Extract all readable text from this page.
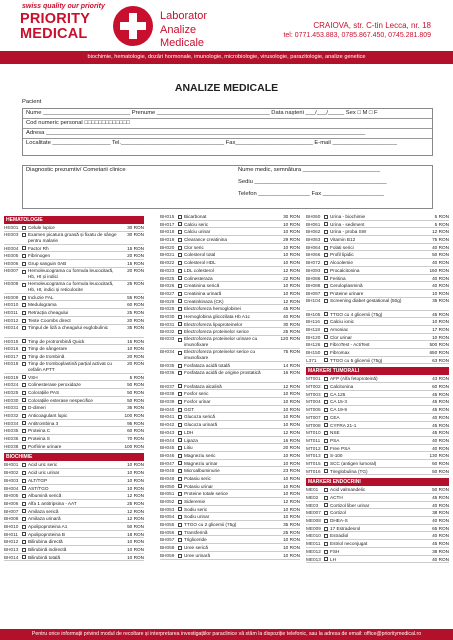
swiss quality our priority
PRIORITY
MEDICAL
Laborator
Analize
Medicale
CRAIOVA, str. C-tin Lecca, nr. 18
tel: 0771.453.883, 0785.867.450, 0745.281.809
biochimie, hematologie, dozări hormonale, imunologie, microbiologie, virusologie, parazitologie, analize genetice
ANALIZE MEDICALE
Pacient
Nume ___________________________ Prenume ___________________________________ Data nașterii ___/___/_____ Sex □ M □ F
Cod numeric personal □□□□□□□□□□□□□
Adresa ___________________________________________________________________________________________________
Localitate __________________ Tel.________________________________ Fax________________________ E-mail ____________________
Diagnostic prezumtiv/ Cometarii clinice	Nume medic, semnătura ________________________
Sediu _________________________________________
Telefon ________________ Fax ___________________
HEMATOLOGIE
HE001	Celule lupice	30 RON
HE003	Examen picatura groasă și fixatu de sânge pentru malarie
30 RON
HE004	Factor Rh	15 RON
HE005	Fibrinogen	20 RON
HE006	Grup sanguin 0AB	15 RON
HE007	Hemoleucograma cu formula leucocitară, Hb, Ht și indici
20 RON
HE008	Hemoleucograma cu formula leucocitară, Hb, Ht, indici și reticulocite
25 RON
HE009	Incluzie FAL	55 RON
HE010	Medulograma	60 RON
HE011	Retracția cheagului	25 RON
HE012	Teste Coombs direct	20 RON
HE014	Timpul de lizã a cheagului euglobulinic	35 RON
HE015	Timp de protrombină Quick	15 RON
HE016	Timp de sângerare	10 RON
HE017	Timp de trombină	20 RON
HE018	Timp de tromboplastină parțial activat cu cefalin APTT
20 RON
HE019	VSH	5 RON
HE024	Colinesterase peroxidaze	50 RON
HE025	Colorațiile PAS	50 RON
HE030	Colorațiile esterase nespecifice	50 RON
HE031	D-dimeri	36 RON
HE032	Anticoagulant lupic	100 RON
HE034	Antitrombina 3	95 RON
HE035	Proteina C	60 RON
HE036	Proteina S	70 RON
HE038	Porfirine urinare	100 RON
BIOCHIMIE
BH001	Acid uric seric	10 RON
BH002	Acid uric urinar	10 RON
BH003	ALT/TGP	10 RON
BH004	AST/TGO	10 RON
BH005	Albumină serică	12 RON
BH006	Alfa 1 antitripsina - AAT	25 RON
BH007	Amilaza serică	12 RON
BH008	Amilaza urinară	12 RON
BH010	Apolipoproteina A1	50 RON
BH011	Apolipoproteina B	18 RON
BH012	Bilirubina directă	10 RON
BH013	Bilirubină indirectă	10 RON
BH014	Bilirubină totală	10 RON
BH015	Bicarbonat	30 RON
BH017	Calciu seric	10 RON
BH018	Calciu urinar	10 RON
BH019	Clearance creatinina	29 RON
BH020	Clor seric	10 RON
BH021	Colesterol total	10 RON
BH022	Colesterol HDL	10 RON
BH023	LDL colesterol	12 RON
BH025	Colinesteraza	22 RON
BH026	Creatinina serică	10 RON
BH027	Creatinina urinară	10 RON
BH028	Creatinkinaza (CK)	12 RON
BH029	Electroforeza hemoglobinei	45 RON
BH030	Hemoglobina glicozilata Hb A1c	40 RON
BH031	Electroforeza lipoproteinelor	30 RON
BH032	Electroforeza proteinelor serice	25 RON
BH033	Electroforeza proteinelor urinare cu imunofixare
120 RON
BH034	Electroforeza proteinelor serice cu imunofixare
75 RON
BH035	Fosfataza acidă totală	14 RON
BH036	Fosfataza acidă de origine prostatică	16 RON
BH037	Fosfataza alcalină	12 RON
BH038	Fosfor seric	10 RON
BH039	Fosfor urinar	10 RON
BH040	GGT	10 RON
BH041	Glucoza serică	10 RON
BH042	Glucoza urinară	10 RON
BH043	LDH	12 RON
BH044	Lipaza	16 RON
BH045	Litiu	20 RON
BH046	Magneziu seric	10 RON
BH047	Magneziu urinar	10 RON
BH048	Microalbuminurie	23 RON
BH049	Potasiu seric	10 RON
BH050	Potasiu urinar	10 RON
BH051	Proteine totale serice	10 RON
BH052	Sideremie	12 RON
BH053	Sodiu seric	10 RON
BH054	Sodiu urinar	10 RON
BH055	TTGO cu 2 glicemii (75g)	35 RON
BH056	Transferină	25 RON
BH057	Trigliceride	10 RON
BH058	Uree serică	10 RON
BH059	Uree urinară	10 RON
BH060	Urina - biochimie	5 RON
BH061	Urina - sediment	5 RON
BH062	Urina - proba SW	12 RON
BH063	Vitamin B12	75 RON
BH064	Folati serici	40 RON
BH066	Profil lipidic	50 RON
BH072	Alcoolemie	40 RON
BH093	Procalcitonina	160 RON
BH086	Feritina	40 RON
BH088	Ceruloplasmină	40 RON
BH097	Proteine urinare	10 RON
BH104	Screening diabet gestational (50g)	35 RON
BH105	TTGO cu 4 glicemii (75g)	45 RON
BH116	Calciu ionic	10 RON
BH118	Amoniac	17 RON
BH120	Clor urinar	10 RON
BH126	FibroTest - ActiTest	500 RON
BH150	Fibromax	650 RON
L371	TTGO cu 5 glicemii (75g)	63 RON
MARKERI TUMORALI
MT001	AFP (Alfa fetoproteină)	43 RON
MT002	Calcitonina	60 RON
MT003	CA 125	45 RON
MT004	CA 15-3	45 RON
MT005	CA 19-9	45 RON
MT007	CEA	40 RON
MT008	CYFRA 21-1	45 RON
MT010	NSE	45 RON
MT011	PSA	40 RON
MT012	Free PSA	40 RON
MT013	S-100	130 RON
MT015	SCC (antigen lumoral)	60 RON
MT016	Tireglobulina (TG)	50 RON
MARKERI ENDOCRINI
ME01	Acid valmandelic	50 RON
ME02	ACTH	45 RON
ME03	Cortizol liber urinar	40 RON
ME007	Cortizol	38 RON
ME008	DHEA-S	40 RON
ME009	17 Estradesrol	65 RON
ME010	Estradiol	40 RON
ME011	Estriol neconjugat	45 RON
ME012	FSH	38 RON
ME013	LH	40 RON
Pentru orice informații privind modul de recoltare și interpretarea investigațiilor paraclinice vă stăm la dispoziție telefonic, sau la adresa de email: office@prioritymedical.ro
